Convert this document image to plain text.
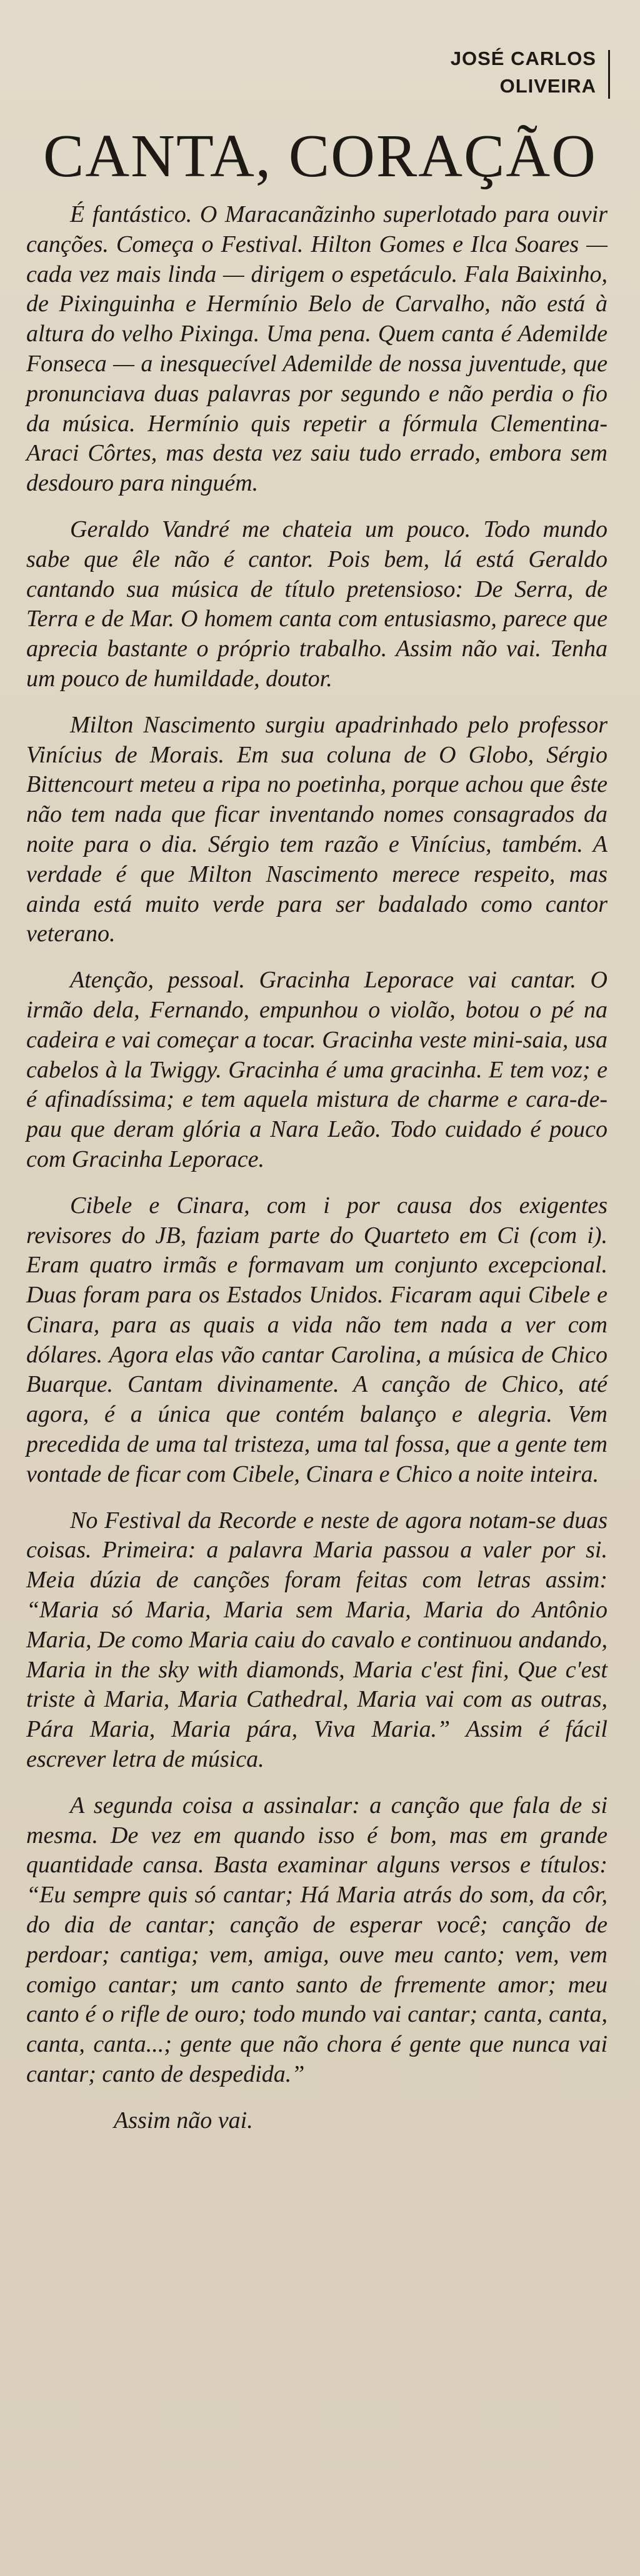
JOSÉ CARLOS
OLIVEIRA
CANTA, CORAÇÃO

É fantástico. O Maracanãzinho superlotado para ouvir canções. Começa o Festival. Hilton Gomes e Ilca Soares — cada vez mais linda — dirigem o espetáculo. Fala Baixinho, de Pixinguinha e Hermínio Belo de Carvalho, não está à altura do velho Pixinga. Uma pena. Quem canta é Ademilde Fonseca — a inesquecível Ademilde de nossa juventude, que pronunciava duas palavras por segundo e não perdia o fio da música. Hermínio quis repetir a fórmula Clementina-Araci Côrtes, mas desta vez saiu tudo errado, embora sem desdouro para ninguém.

Geraldo Vandré me chateia um pouco. Todo mundo sabe que êle não é cantor. Pois bem, lá está Geraldo cantando sua música de título pretensioso: De Serra, de Terra e de Mar. O homem canta com entusiasmo, parece que aprecia bastante o próprio trabalho. Assim não vai. Tenha um pouco de humildade, doutor.

Milton Nascimento surgiu apadrinhado pelo professor Vinícius de Morais. Em sua coluna de O Globo, Sérgio Bittencourt meteu a ripa no poetinha, porque achou que êste não tem nada que ficar inventando nomes consagrados da noite para o dia. Sérgio tem razão e Vinícius, também. A verdade é que Milton Nascimento merece respeito, mas ainda está muito verde para ser badalado como cantor veterano.

Atenção, pessoal. Gracinha Leporace vai cantar. O irmão dela, Fernando, empunhou o violão, botou o pé na cadeira e vai começar a tocar. Gracinha veste mini-saia, usa cabelos à la Twiggy. Gracinha é uma gracinha. E tem voz; e é afinadíssima; e tem aquela mistura de charme e cara-de-pau que deram glória a Nara Leão. Todo cuidado é pouco com Gracinha Leporace.

Cibele e Cinara, com i por causa dos exigentes revisores do JB, faziam parte do Quarteto em Ci (com i). Eram quatro irmãs e formavam um conjunto excepcional. Duas foram para os Estados Unidos. Ficaram aqui Cibele e Cinara, para as quais a vida não tem nada a ver com dólares. Agora elas vão cantar Carolina, a música de Chico Buarque. Cantam divinamente. A canção de Chico, até agora, é a única que contém balanço e alegria. Vem precedida de uma tal tristeza, uma tal fossa, que a gente tem vontade de ficar com Cibele, Cinara e Chico a noite inteira.

No Festival da Recorde e neste de agora notam-se duas coisas. Primeira: a palavra Maria passou a valer por si. Meia dúzia de canções foram feitas com letras assim: “Maria só Maria, Maria sem Maria, Maria do Antônio Maria, De como Maria caiu do cavalo e continuou andando, Maria in the sky with diamonds, Maria c'est fini, Que c'est triste à Maria, Maria Cathedral, Maria vai com as outras, Pára Maria, Maria pára, Viva Maria.” Assim é fácil escrever letra de música.

A segunda coisa a assinalar: a canção que fala de si mesma. De vez em quando isso é bom, mas em grande quantidade cansa. Basta examinar alguns versos e títulos: “Eu sempre quis só cantar; Há Maria atrás do som, da côr, do dia de cantar; canção de esperar você; canção de perdoar; cantiga; vem, amiga, ouve meu canto; vem, vem comigo cantar; um canto santo de frremente amor; meu canto é o rifle de ouro; todo mundo vai cantar; canta, canta, canta, canta...; gente que não chora é gente que nunca vai cantar; canto de despedida.”

Assim não vai.
